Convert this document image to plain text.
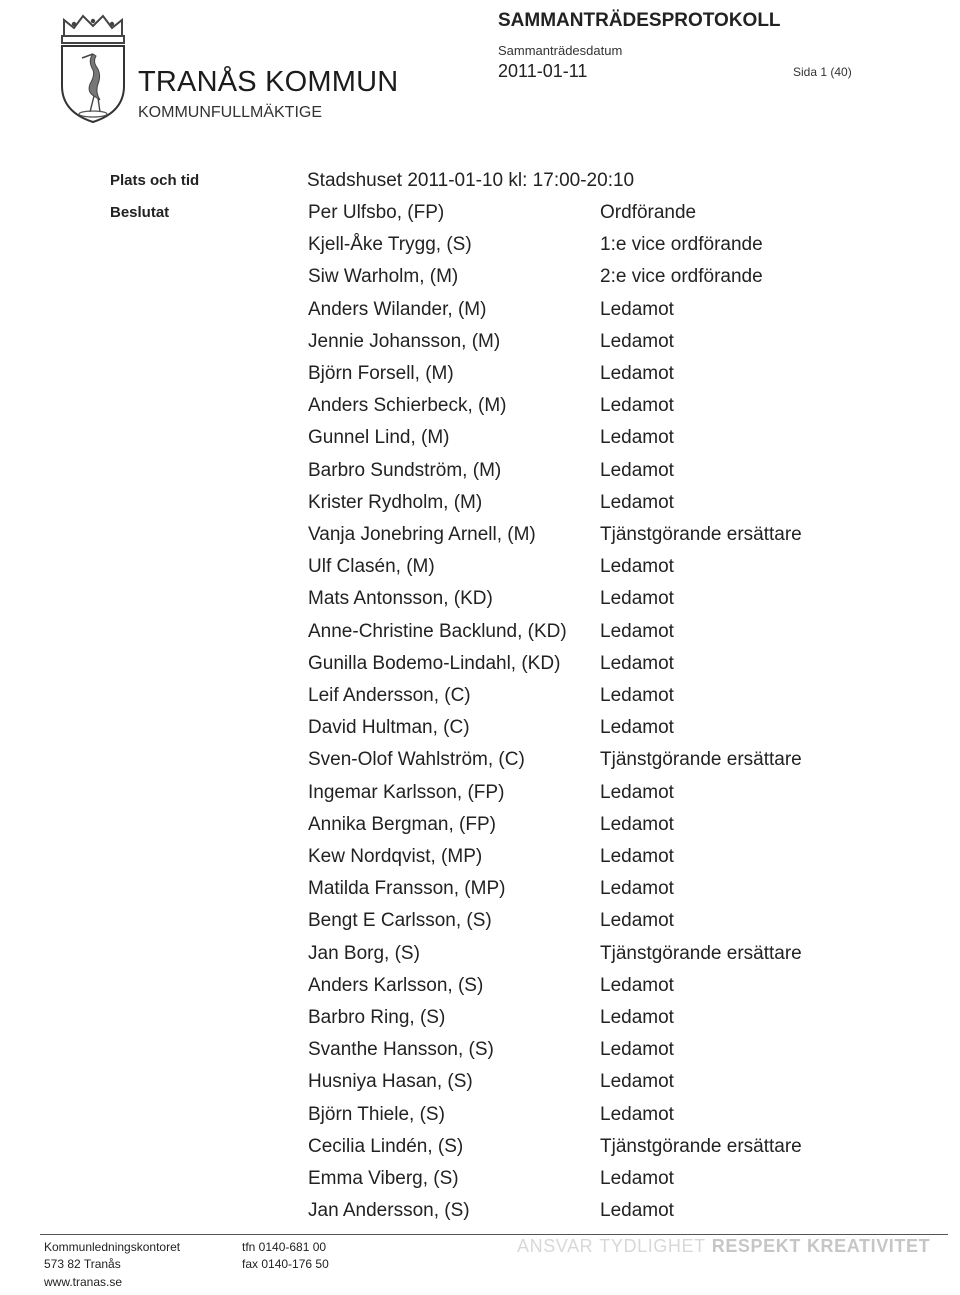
TRANÅS KOMMUN
KOMMUNFULLMÄKTIGE
SAMMANTRÄDESPROTOKOLL
Sammanträdesdatum
2011-01-11	Sida 1 (40)
Plats och tid	Stadshuset 2011-01-10 kl: 17:00-20:10
Beslutat	Per Ulfsbo, (FP)	Ordförande
Kjell-Åke Trygg, (S)	1:e vice ordförande
Siw Warholm, (M)	2:e vice ordförande
Anders Wilander, (M)	Ledamot
Jennie Johansson, (M)	Ledamot
Björn Forsell, (M)	Ledamot
Anders Schierbeck, (M)	Ledamot
Gunnel Lind, (M)	Ledamot
Barbro Sundström, (M)	Ledamot
Krister Rydholm, (M)	Ledamot
Vanja Jonebring Arnell, (M)	Tjänstgörande ersättare
Ulf Clasén, (M)	Ledamot
Mats Antonsson, (KD)	Ledamot
Anne-Christine Backlund, (KD) Ledamot
Gunilla Bodemo-Lindahl, (KD) Ledamot
Leif Andersson, (C)	Ledamot
David Hultman, (C)	Ledamot
Sven-Olof Wahlström, (C)	Tjänstgörande ersättare
Ingemar Karlsson, (FP)	Ledamot
Annika Bergman, (FP)	Ledamot
Kew Nordqvist, (MP)	Ledamot
Matilda Fransson, (MP)	Ledamot
Bengt E Carlsson, (S)	Ledamot
Jan Borg, (S)	Tjänstgörande ersättare
Anders Karlsson, (S)	Ledamot
Barbro Ring, (S)	Ledamot
Svanthe Hansson, (S)	Ledamot
Husniya Hasan, (S)	Ledamot
Björn Thiele, (S)	Ledamot
Cecilia Lindén, (S)	Tjänstgörande ersättare
Emma Viberg, (S)	Ledamot
Jan Andersson, (S)	Ledamot
Kommunledningskontoret
573 82 Tranås
www.tranas.se
tfn 0140-681 00
fax 0140-176 50
ANSVAR TYDLIGHET RESPEKT KREATIVITET
